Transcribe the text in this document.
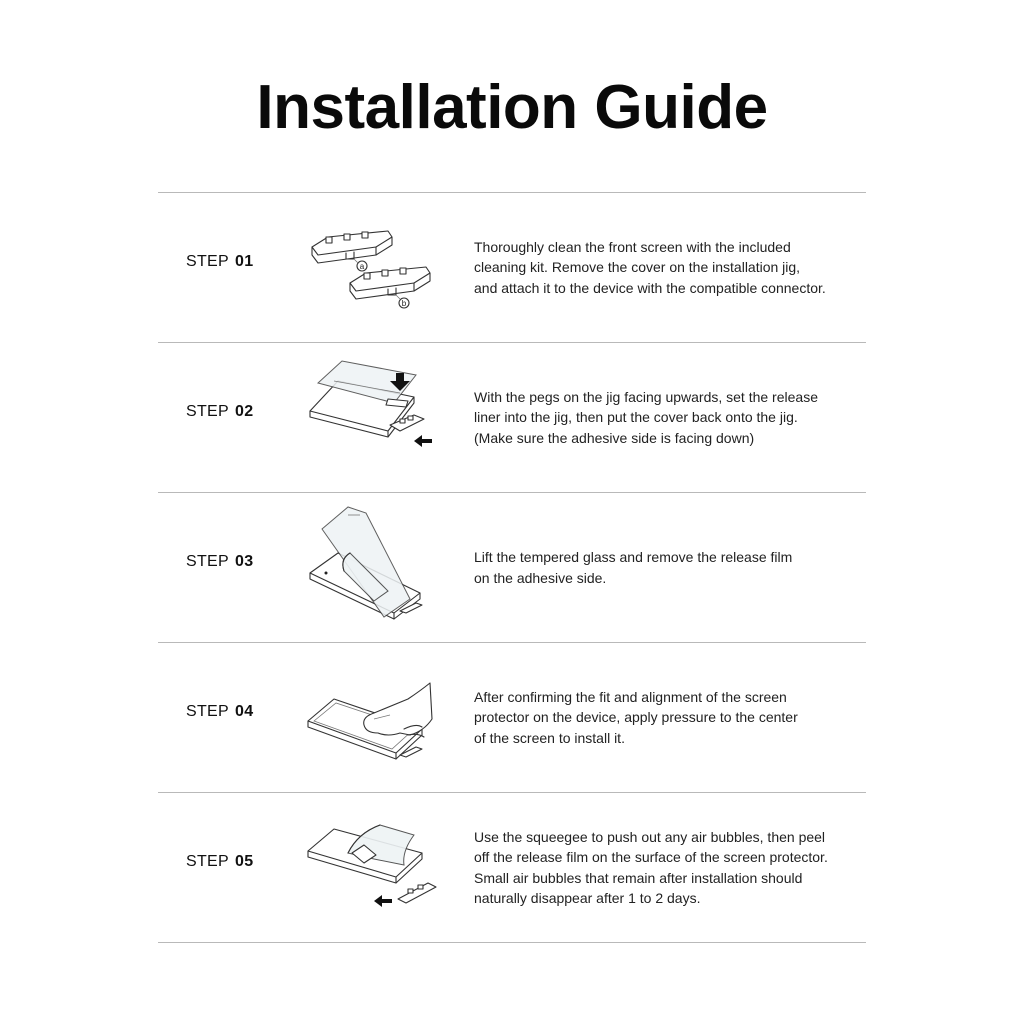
Installation Guide
STEP 01	a
b

Thoroughly clean the front screen with the included
cleaning kit. Remove the cover on the installation jig,
and attach it to the device with the compatible connector.

STEP 02

With the pegs on the jig facing upwards, set the release
liner into the jig, then put the cover back onto the jig.
(Make sure the adhesive side is facing down)

STEP 03	Lift the tempered glass and remove the release film
on the adhesive side.

STEP 04

After confirming the fit and alignment of the screen
protector on the device, apply pressure to the center
of the screen to install it.

STEP 05

Use the squeegee to push out any air bubbles, then peel
off the release film on the surface of the screen protector.
Small air bubbles that remain after installation should
naturally disappear after 1 to 2 days.
